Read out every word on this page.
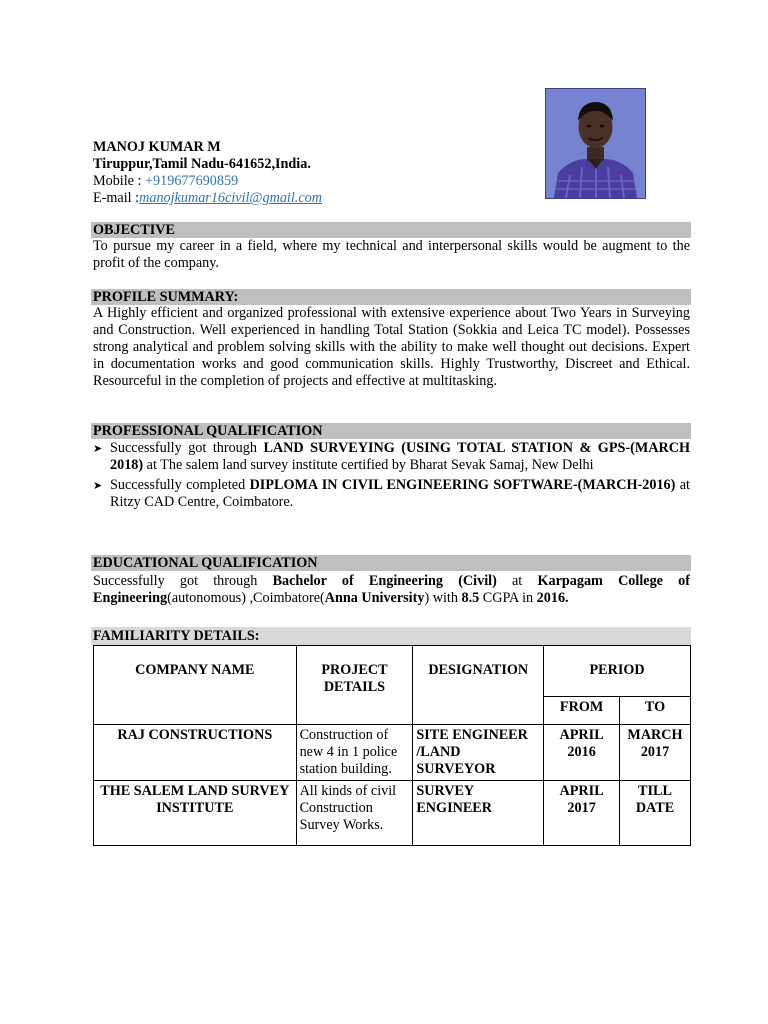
MANOJ KUMAR M
Tiruppur,Tamil Nadu-641652,India.
Mobile : +919677690859
E-mail :manojkumar16civil@gmail.com
OBJECTIVE
To pursue my career in a field, where my technical and interpersonal skills would be augment to the profit of the company.
PROFILE SUMMARY:
A Highly efficient and organized professional with extensive experience about Two Years in Surveying and Construction. Well experienced in handling Total Station (Sokkia and Leica TC model). Possesses strong analytical and problem solving skills with the ability to make well thought out decisions. Expert in documentation works and good communication skills. Highly Trustworthy, Discreet and Ethical. Resourceful in the completion of projects and effective at multitasking.
PROFESSIONAL QUALIFICATION
➤ Successfully got through LAND SURVEYING (USING TOTAL STATION & GPS-(MARCH 2018) at The salem land survey institute certified by Bharat Sevak Samaj, New Delhi
➤ Successfully completed DIPLOMA IN CIVIL ENGINEERING SOFTWARE-(MARCH-2016) at Ritzy CAD Centre, Coimbatore.
EDUCATIONAL QUALIFICATION
Successfully got through Bachelor of Engineering (Civil) at Karpagam College of Engineering(autonomous) ,Coimbatore(Anna University) with 8.5 CGPA in 2016.
FAMILIARITY DETAILS:
COMPANY NAME	PROJECT DETAILS	DESIGNATION	PERIOD	
			FROM	TO
RAJ CONSTRUCTIONS	Construction of new 4 in 1 police station building.	SITE ENGINEER /LAND SURVEYOR	APRIL 2016	MARCH 2017
THE SALEM LAND SURVEY INSTITUTE	All kinds of civil Construction Survey Works.	SURVEY ENGINEER	APRIL 2017	TILL DATE
